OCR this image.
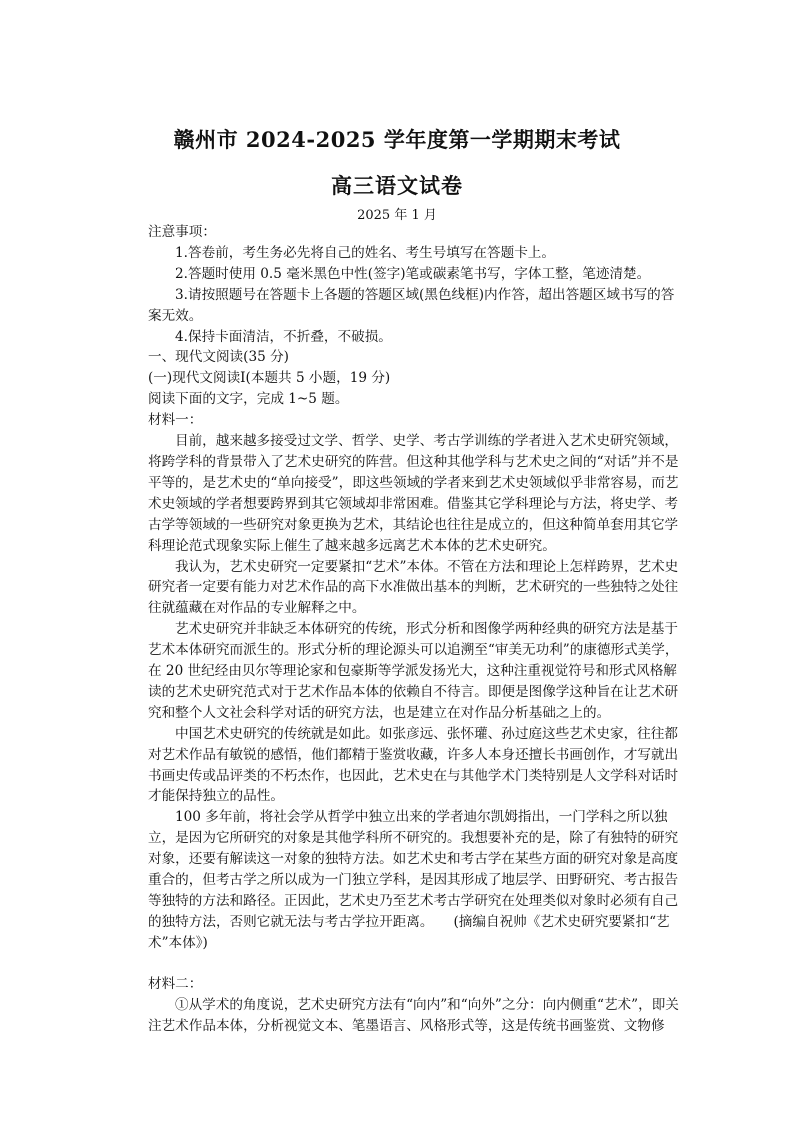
赣州市 2024-2025 学年度第一学期期末考试
高三语文试卷
2025 年 1 月

注意事项：

1.答卷前，考生务必先将自己的姓名、考生号填写在答题卡上。

2.答题时使用 0.5 毫米黑色中性(签字)笔或碳素笔书写，字体工整，笔迹清楚。

3.请按照题号在答题卡上各题的答题区域(黑色线框)内作答，超出答题区域书写的答案无效。

4.保持卡面清洁，不折叠，不破损。

一、现代文阅读(35 分)

(一)现代文阅读Ⅰ(本题共 5 小题，19 分)

阅读下面的文字，完成 1~5 题。

材料一：

目前，越来越多接受过文学、哲学、史学、考古学训练的学者进入艺术史研究领域，将跨学科的背景带入了艺术史研究的阵营。但这种其他学科与艺术史之间的“对话”并不是平等的，是艺术史的“单向接受”，即这些领域的学者来到艺术史领域似乎非常容易，而艺术史领域的学者想要跨界到其它领域却非常困难。借鉴其它学科理论与方法，将史学、考古学等领域的一些研究对象更换为艺术，其结论也往往是成立的，但这种简单套用其它学科理论范式现象实际上催生了越来越多远离艺术本体的艺术史研究。

我认为，艺术史研究一定要紧扣“艺术”本体。不管在方法和理论上怎样跨界，艺术史研究者一定要有能力对艺术作品的高下水准做出基本的判断，艺术研究的一些独特之处往往就蕴藏在对作品的专业解释之中。

艺术史研究并非缺乏本体研究的传统，形式分析和图像学两种经典的研究方法是基于艺术本体研究而派生的。形式分析的理论源头可以追溯至“审美无功利”的康德形式美学，在 20 世纪经由贝尔等理论家和包豪斯等学派发扬光大，这种注重视觉符号和形式风格解读的艺术史研究范式对于艺术作品本体的依赖自不待言。即便是图像学这种旨在让艺术研究和整个人文社会科学对话的研究方法，也是建立在对作品分析基础之上的。

中国艺术史研究的传统就是如此。如张彦远、张怀瓘、孙过庭这些艺术史家，往往都对艺术作品有敏锐的感悟，他们都精于鉴赏收藏，许多人本身还擅长书画创作，才写就出书画史传或品评类的不朽杰作，也因此，艺术史在与其他学术门类特别是人文学科对话时才能保持独立的品性。

100 多年前，将社会学从哲学中独立出来的学者迪尔凯姆指出，一门学科之所以独立，是因为它所研究的对象是其他学科所不研究的。我想要补充的是，除了有独特的研究对象，还要有解读这一对象的独特方法。如艺术史和考古学在某些方面的研究对象是高度重合的，但考古学之所以成为一门独立学科，是因其形成了地层学、田野研究、考古报告等独特的方法和路径。正因此，艺术史乃至艺术考古学研究在处理类似对象时必须有自己的独特方法，否则它就无法与考古学拉开距离。 (摘编自祝帅《艺术史研究要紧扣“艺术”本体》)

材料二：

①从学术的角度说，艺术史研究方法有“向内”和“向外”之分：向内侧重“艺术”，即关注艺术作品本体，分析视觉文本、笔墨语言、风格形式等，这是传统书画鉴赏、文物修
